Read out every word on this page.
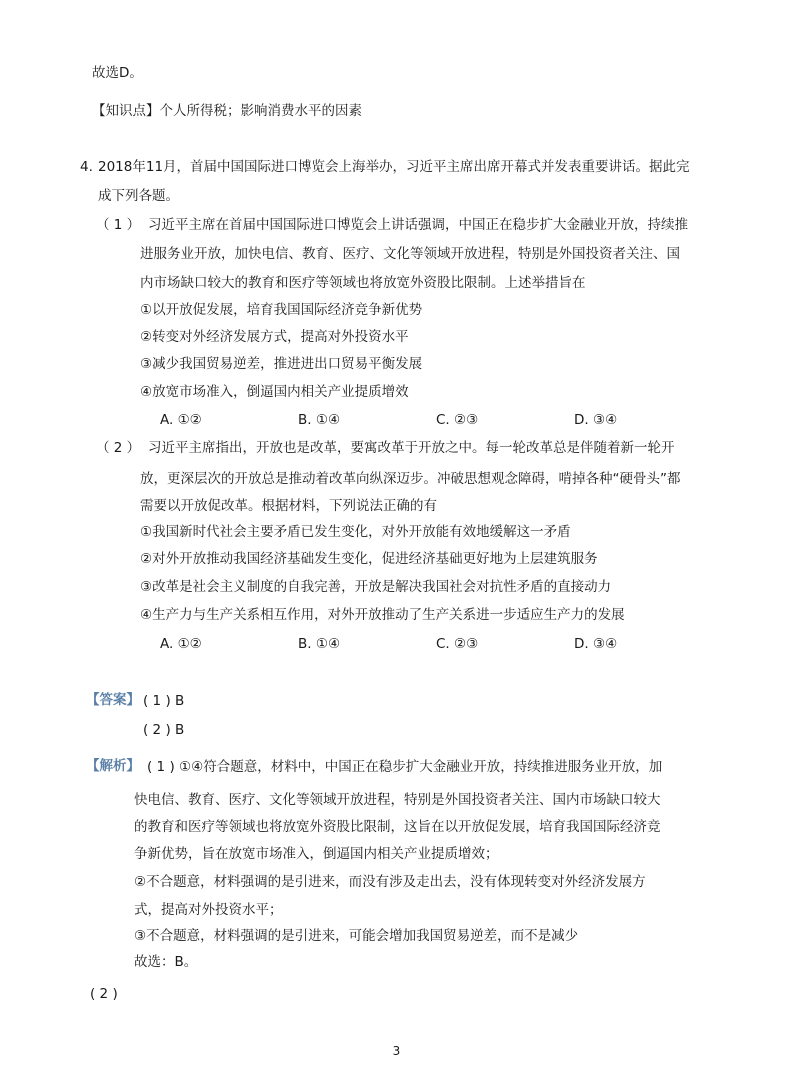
故选D。
【知识点】个人所得税；影响消费水平的因素
4. 2018年11月，首届中国国际进口博览会上海举办，习近平主席出席开幕式并发表重要讲话。据此完
成下列各题。
（ 1 ） 习近平主席在首届中国国际进口博览会上讲话强调，中国正在稳步扩大金融业开放，持续推
进服务业开放，加快电信、教育、医疗、文化等领域开放进程，特别是外国投资者关注、国
内市场缺口较大的教育和医疗等领域也将放宽外资股比限制。上述举措旨在
①以开放促发展，培育我国国际经济竞争新优势
②转变对外经济发展方式，提高对外投资水平
③减少我国贸易逆差，推进进出口贸易平衡发展
④放宽市场准入，倒逼国内相关产业提质增效
A. ①②	B. ①④	C. ②③	D. ③④
（ 2 ） 习近平主席指出，开放也是改革，要寓改革于开放之中。每一轮改革总是伴随着新一轮开
放，更深层次的开放总是推动着改革向纵深迈步。冲破思想观念障碍，啃掉各种“硬骨头”都
需要以开放促改革。根据材料，下列说法正确的有
①我国新时代社会主要矛盾已发生变化，对外开放能有效地缓解这一矛盾
②对外开放推动我国经济基础发生变化，促进经济基础更好地为上层建筑服务
③改革是社会主义制度的自我完善，开放是解决我国社会对抗性矛盾的直接动力
④生产力与生产关系相互作用，对外开放推动了生产关系进一步适应生产力的发展
A. ①②	B. ①④	C. ②③	D. ③④
【答案】 ( 1 ) B
( 2 ) B
【解析】 ( 1 ) ①④符合题意，材料中，中国正在稳步扩大金融业开放，持续推进服务业开放，加
快电信、教育、医疗、文化等领域开放进程，特别是外国投资者关注、国内市场缺口较大
的教育和医疗等领域也将放宽外资股比限制，这旨在以开放促发展，培育我国国际经济竞
争新优势，旨在放宽市场准入，倒逼国内相关产业提质增效；
②不合题意，材料强调的是引进来，而没有涉及走出去，没有体现转变对外经济发展方
式，提高对外投资水平；
③不合题意，材料强调的是引进来，可能会增加我国贸易逆差，而不是减少
故选：B。
( 2 )
3
